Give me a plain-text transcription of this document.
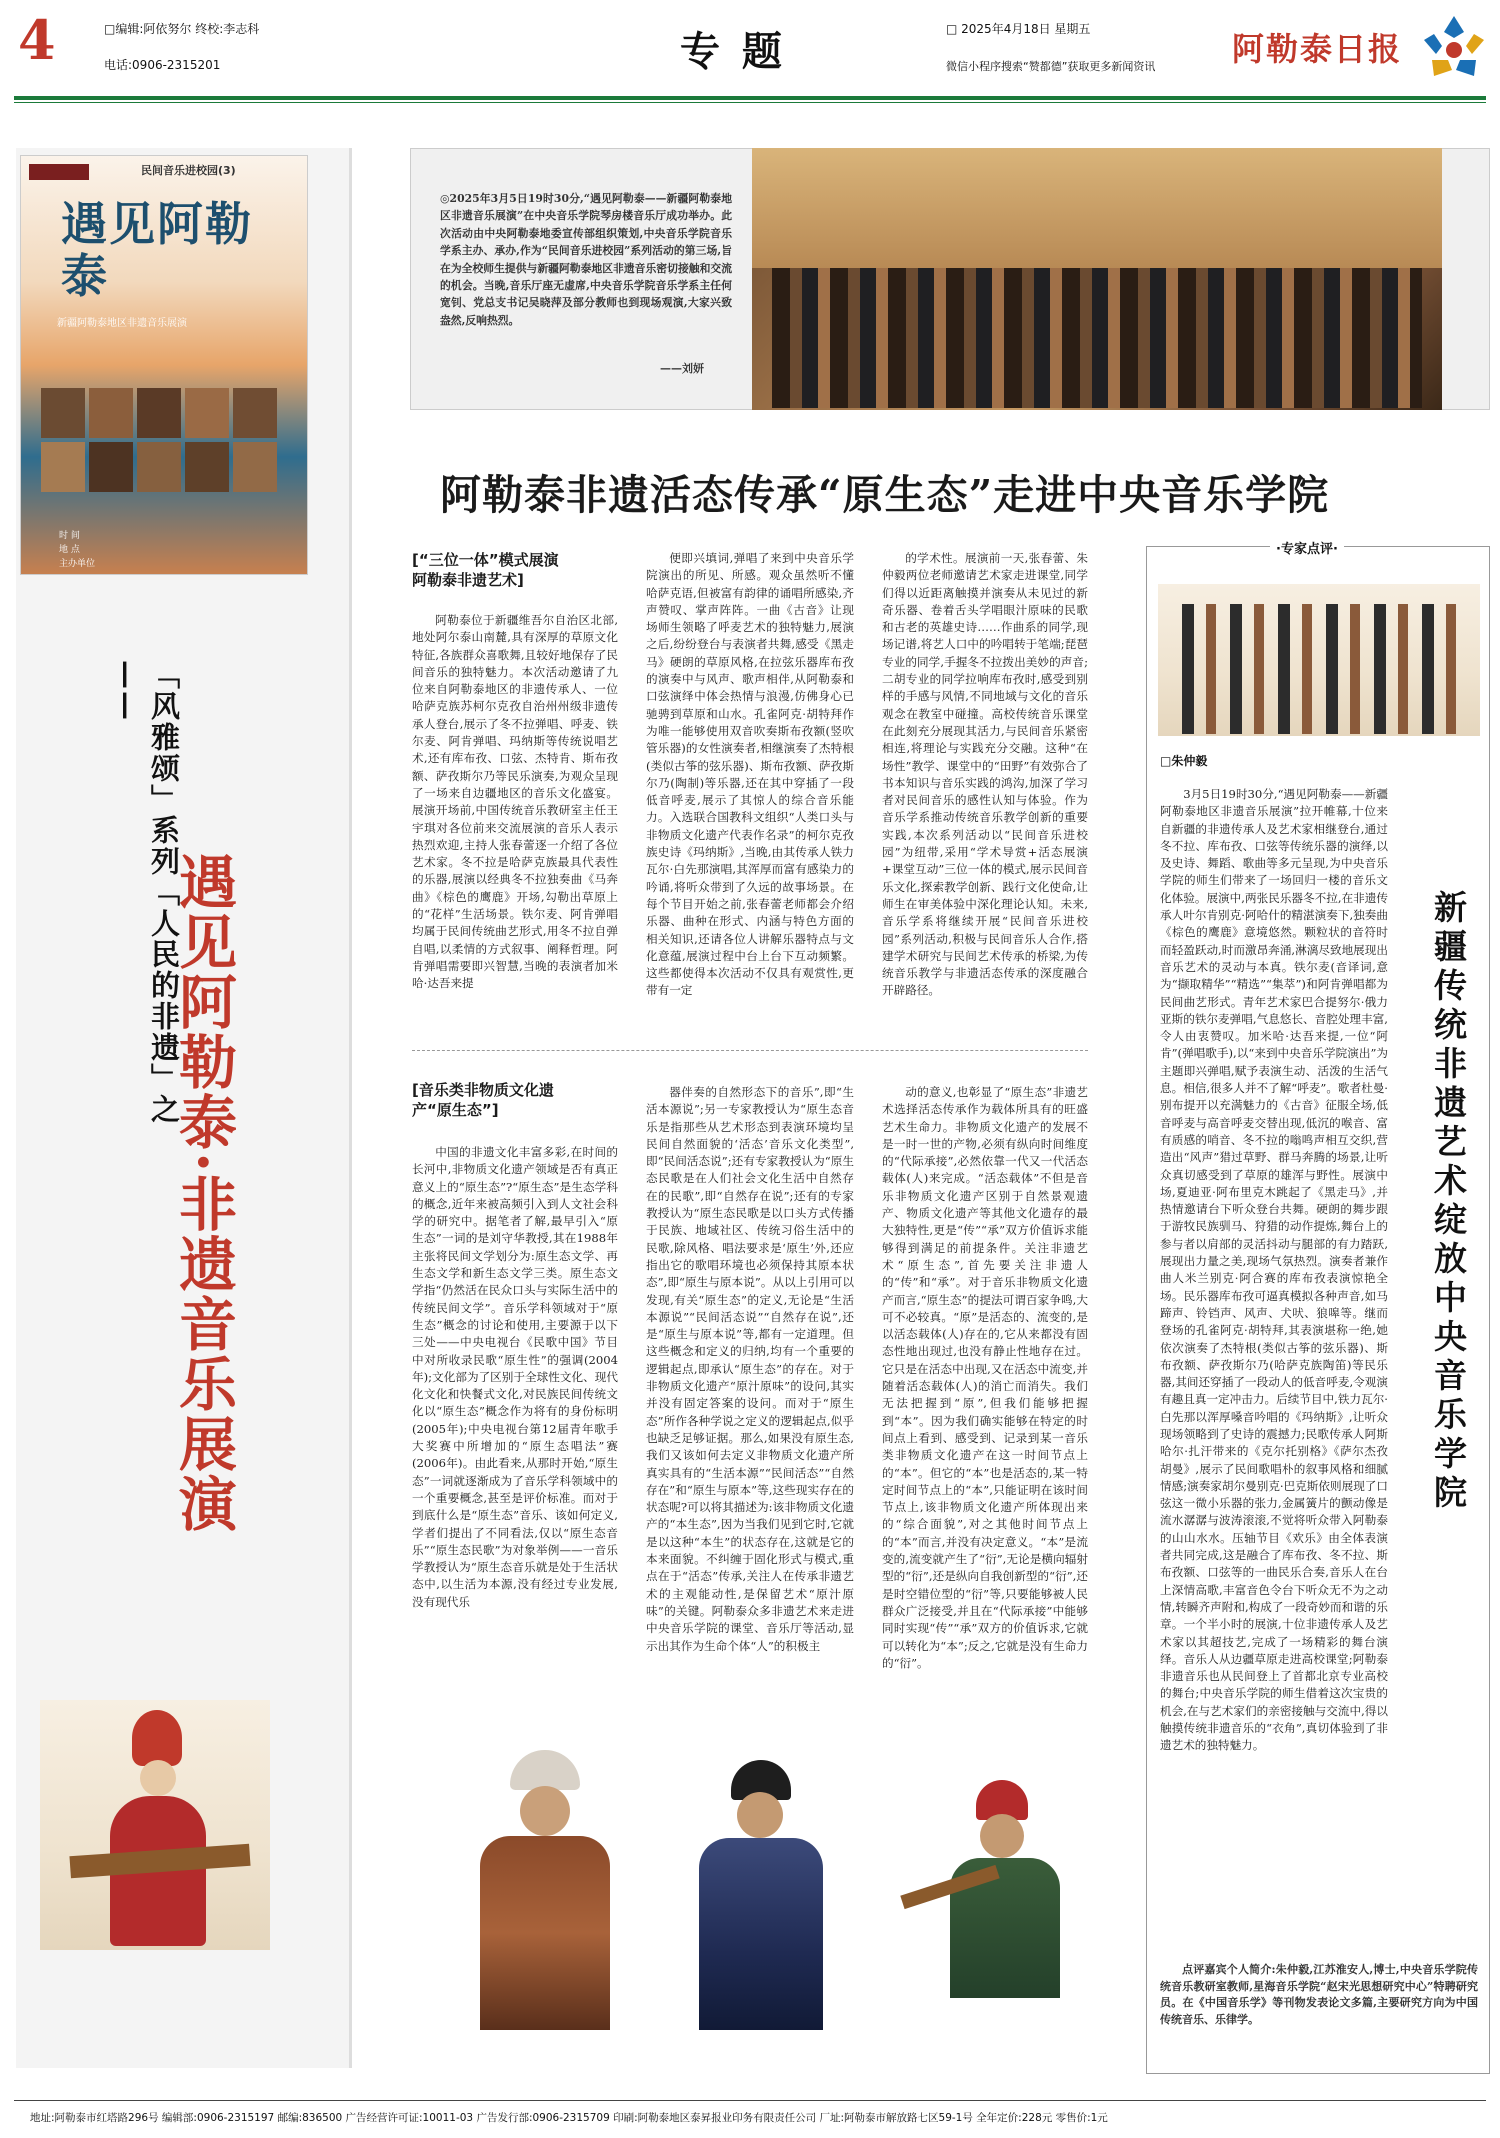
4	□编辑:阿依努尔 终校:李志科
电话:0906-2315201	专 题	□ 2025年4月18日 星期五
微信小程序搜索“赞都德”获取更多新闻资讯 阿勒泰日报
民间音乐进校园(3)
遇见阿勒泰
新疆阿勒泰地区非遗音乐展演
时 间
地 点
主办单位
「风雅颂」系列「人民的非遗」之——
遇见阿勒泰·非遗音乐展演
◎2025年3月5日19时30分,“遇见阿勒泰——新疆阿勒泰地区非遗音乐展演”在中央音乐学院琴房楼音乐厅成功举办。此次活动由中央阿勒泰地委宣传部组织策划,中央音乐学院音乐学系主办、承办,作为“民间音乐进校园”系列活动的第三场,旨在为全校师生提供与新疆阿勒泰地区非遗音乐密切接触和交流的机会。当晚,音乐厅座无虚席,中央音乐学院音乐学系主任何宽钊、党总支书记吴晓萍及部分教师也到现场观演,大家兴致盎然,反响热烈。
——刘妍
阿勒泰非遗活态传承“原生态”走进中央音乐学院
[“三位一体”模式展演
阿勒泰非遗艺术]

阿勒泰位于新疆维吾尔自治区北部,地处阿尔泰山南麓,具有深厚的草原文化特征,各族群众喜歌舞,且较好地保存了民间音乐的独特魅力。本次活动邀请了九位来自阿勒泰地区的非遗传承人、一位哈萨克族苏柯尔克孜自治州州级非遗传承人登台,展示了冬不拉弹唱、呼麦、铁尔麦、阿肯弹唱、玛纳斯等传统说唱艺术,还有库布孜、口弦、杰特肯、斯布孜额、萨孜斯尔乃等民乐演奏,为观众呈现了一场来自边疆地区的音乐文化盛宴。展演开场前,中国传统音乐教研室主任王宇琪对各位前来交流展演的音乐人表示热烈欢迎,主持人张春蕾逐一介绍了各位艺术家。冬不拉是哈萨克族最具代表性的乐器,展演以经典冬不拉独奏曲《马奔曲》《棕色的鹰鹿》开场,勾勒出草原上的“花样”生活场景。铁尔麦、阿肯弹唱均属于民间传统曲艺形式,用冬不拉自弹自唱,以柔情的方式叙事、阐释哲理。阿肯弹唱需要即兴智慧,当晚的表演者加米哈·达吾来提

便即兴填词,弹唱了来到中央音乐学院演出的所见、所感。观众虽然听不懂哈萨克语,但被富有韵律的诵唱所感染,齐声赞叹、掌声阵阵。一曲《古音》让现场师生领略了呼麦艺术的独特魅力,展演之后,纷纷登台与表演者共舞,感受《黑走马》硬朗的草原风格,在拉弦乐器库布孜的演奏中与风声、歌声相伴,从阿勒泰和口弦演绎中体会热情与浪漫,仿佛身心已驰骋到草原和山水。孔雀阿克·胡特拜作为唯一能够使用双音吹奏斯布孜额(竖吹管乐器)的女性演奏者,相继演奏了杰特根(类似古筝的弦乐器)、斯布孜额、萨孜斯尔乃(陶制)等乐器,还在其中穿插了一段低音呼麦,展示了其惊人的综合音乐能力。入选联合国教科文组织“人类口头与非物质文化遗产代表作名录”的柯尔克孜族史诗《玛纳斯》,当晚,由其传承人铁力瓦尔·白先那演唱,其浑厚而富有感染力的吟诵,将听众带到了久远的故事场景。在每个节目开始之前,张春蕾老师都会介绍乐器、曲种在形式、内涵与特色方面的相关知识,还请各位人讲解乐器特点与文化意蕴,展演过程中台上台下互动频繁。这些都使得本次活动不仅具有观赏性,更带有一定

的学术性。展演前一天,张春蕾、朱仲毅两位老师邀请艺术家走进课堂,同学们得以近距离触摸并演奏从未见过的新奇乐器、卷着舌头学唱眼汁原味的民歌和古老的英雄史诗……作曲系的同学,现场记谱,将艺人口中的吟唱转于笔端;琵琶专业的同学,手握冬不拉拨出美妙的声音;二胡专业的同学拉响库布孜时,感受到别样的手感与风情,不同地域与文化的音乐观念在教室中碰撞。高校传统音乐课堂在此刻充分展现其活力,与民间音乐紧密相连,将理论与实践充分交融。这种“在场性”教学、课堂中的“田野”有效弥合了书本知识与音乐实践的鸿沟,加深了学习者对民间音乐的感性认知与体验。作为音乐学系推动传统音乐教学创新的重要实践,本次系列活动以“民间音乐进校园”为纽带,采用“学术导赏+活态展演+课堂互动”三位一体的模式,展示民间音乐文化,探索教学创新、践行文化使命,让师生在审美体验中深化理论认知。未来,音乐学系将继续开展“民间音乐进校园”系列活动,积极与民间音乐人合作,搭建学术研究与民间艺术传承的桥梁,为传统音乐教学与非遗活态传承的深度融合开辟路径。

[音乐类非物质文化遗
产“原生态”]

中国的非遗文化丰富多彩,在时间的长河中,非物质文化遗产领域是否有真正意义上的“原生态”?“原生态”是生态学科的概念,近年来被高频引入到人文社会科学的研究中。据笔者了解,最早引入“原生态”一词的是刘守华教授,其在1988年主张将民间文学划分为:原生态文学、再生态文学和新生态文学三类。原生态文学指“仍然活在民众口头与实际生活中的传统民间文学”。音乐学科领域对于“原生态”概念的讨论和使用,主要源于以下三处——中央电视台《民歌中国》节目中对所收录民歌“原生性”的强调(2004年);文化部为了区别于全球性文化、现代化文化和快餐式文化,对民族民间传统文化以“原生态”概念作为将有的身份标明(2005年);中央电视台第12届青年歌手大奖赛中所增加的“原生态唱法”赛(2006年)。由此看来,从那时开始,“原生态”一词就逐渐成为了音乐学科领域中的一个重要概念,甚至是评价标准。而对于到底什么是“原生态”音乐、该如何定义,学者们提出了不同看法,仅以“原生态音乐”“原生态民歌”为对象举例——一音乐学教授认为“原生态音乐就是处于生活状态中,以生活为本源,没有经过专业发展,没有现代乐

器伴奏的自然形态下的音乐”,即“生活本源说”;另一专家教授认为“原生态音乐是指那些从艺术形态到表演环境均呈民间自然面貌的‘活态’音乐文化类型”,即“民间活态说”;还有专家教授认为“原生态民歌是在人们社会文化生活中自然存在的民歌”,即“自然存在说”;还有的专家教授认为“原生态民歌是以口头方式传播于民族、地域社区、传统习俗生活中的民歌,除风格、唱法要求是‘原生’外,还应指出它的歌唱环境也必须保持其原本状态”,即“原生与原本说”。从以上引用可以发现,有关“原生态”的定义,无论是“生活本源说”“民间活态说”“自然存在说”,还是“原生与原本说”等,都有一定道理。但这些概念和定义的归纳,均有一个重要的逻辑起点,即承认“原生态”的存在。对于非物质文化遗产“原汁原味”的设问,其实并没有固定答案的设问。而对于“原生态”所作各种学说之定义的逻辑起点,似乎也缺乏足够证据。那么,如果没有原生态,我们又该如何去定义非物质文化遗产所真实具有的“生活本源”“民间活态”“自然存在”和“原生与原本”等,这些现实存在的状态呢?可以将其描述为:该非物质文化遗产的“本生态”,因为当我们见到它时,它就是以这种“本生”的状态存在,这就是它的本来面貌。不纠缠于固化形式与模式,重点在于“活态”传承,关注人在传承非遗艺术的主观能动性,是保留艺术“原汁原味”的关键。阿勒泰众多非遗艺术来走进中央音乐学院的课堂、音乐厅等活动,显示出其作为生命个体“人”的积极主

动的意义,也彰显了“原生态”非遗艺术选择活态传承作为载体所具有的旺盛艺术生命力。非物质文化遗产的发展不是一时一世的产物,必须有纵向时间维度的“代际承接”,必然依靠一代又一代活态载体(人)来完成。“活态载体”不但是音乐非物质文化遗产区别于自然景观遗产、物质文化遗产等其他文化遗存的最大独特性,更是“传”“承”双方价值诉求能够得到满足的前提条件。关注非遗艺术“原生态”,首先要关注非遗人的“传”和“承”。对于音乐非物质文化遗产而言,“原生态”的提法可谓百家争鸣,大可不必较真。“原”是活态的、流变的,是以活态载体(人)存在的,它从来都没有固态性地出现过,也没有静止性地存在过。它只是在活态中出现,又在活态中流变,并随着活态载体(人)的消亡而消失。我们无法把握到“原”,但我们能够把握到“本”。因为我们确实能够在特定的时间点上看到、感受到、记录到某一音乐类非物质文化遗产在这一时间节点上的“本”。但它的“本”也是活态的,某一特定时间节点上的“本”,只能证明在该时间节点上,该非物质文化遗产所体现出来的“综合面貌”,对之其他时间节点上的“本”而言,并没有决定意义。“本”是流变的,流变就产生了“衍”,无论是横向辐射型的“衍”,还是纵向自我创新型的“衍”,还是时空错位型的“衍”等,只要能够被人民群众广泛接受,并且在“代际承接”中能够同时实现“传”“承”双方的价值诉求,它就可以转化为“本”;反之,它就是没有生命力的“衍”。

·专家点评·
□朱仲毅
新疆传统非遗艺术绽放中央音乐学院

3月5日19时30分,“遇见阿勒泰——新疆阿勒泰地区非遗音乐展演”拉开帷幕,十位来自新疆的非遗传承人及艺术家相继登台,通过冬不拉、库布孜、口弦等传统乐器的演绎,以及史诗、舞蹈、歌曲等多元呈现,为中央音乐学院的师生们带来了一场回归一楼的音乐文化体验。展演中,两张民乐器冬不拉,在非遗传承人叶尔肯别克·阿哈什的精湛演奏下,独奏曲《棕色的鹰鹿》意境悠然。颗粒状的音符时而轻盈跃动,时而激昂奔涌,淋漓尽致地展现出音乐艺术的灵动与本真。铁尔麦(音译词,意为“撷取精华”“精选”“集萃”)和阿肯弹唱都为民间曲艺形式。青年艺术家巴合提努尔·俄力亚斯的铁尔麦弹唱,气息悠长、音腔处理丰富,令人由衷赞叹。加米哈·达吾来提,一位“阿肯”(弹唱歌手),以“来到中央音乐学院演出”为主题即兴弹唱,赋予表演生动、活泼的生活气息。相信,很多人并不了解“呼麦”。歌者杜曼·别布提开以充满魅力的《古音》征服全场,低音呼麦与高音呼麦交替出现,低沉的喉音、富有质感的哨音、冬不拉的嗡鸣声相互交织,营造出“风声”猎过草野、群马奔腾的场景,让听众真切感受到了草原的雄浑与野性。展演中场,夏迪亚·阿布里克木跳起了《黑走马》,并热情邀请台下听众登台共舞。硬朗的舞步跟于游牧民族驯马、狩猎的动作提炼,舞台上的参与者以肩部的灵活抖动与腿部的有力踏跃,展现出力量之美,现场气氛热烈。演奏者兼作曲人米兰别克·阿合赛的库布孜表演惊艳全场。民乐器库布孜可逼真模拟各种声音,如马蹄声、铃铛声、风声、犬吠、狼嗥等。继而登场的孔雀阿克·胡特拜,其表演堪称一绝,她依次演奏了杰特根(类似古筝的弦乐器)、斯布孜额、萨孜斯尔乃(哈萨克族陶笛)等民乐器,其间还穿插了一段动人的低音呼麦,令观演有趣且真一定冲击力。后续节目中,铁力瓦尔·白先那以浑厚嗓音吟唱的《玛纳斯》,让听众现场领略到了史诗的震撼力;民歌传承人阿斯哈尔·扎汗带来的《克尔托别格》《萨尔杰孜胡曼》,展示了民间歌唱朴的叙事风格和细腻情感;演奏家胡尔曼别克·巴克斯依则展现了口弦这一微小乐器的张力,金属簧片的颤动像是流水潺潺与波涛滚滚,不觉将听众带入阿勒泰的山山水水。压轴节目《欢乐》由全体表演者共同完成,这是融合了库布孜、冬不拉、斯布孜额、口弦等的一曲民乐合奏,音乐人在台上深情高歌,丰富音色令台下听众无不为之动情,转瞬齐声附和,构成了一段奇妙而和谐的乐章。一个半小时的展演,十位非遗传承人及艺术家以其超技艺,完成了一场精彩的舞台演绎。音乐人从边疆草原走进高校课堂;阿勒泰非遗音乐也从民间登上了首都北京专业高校的舞台;中央音乐学院的师生借着这次宝贵的机会,在与艺术家们的亲密接触与交流中,得以触摸传统非遗音乐的“衣角”,真切体验到了非遗艺术的独特魅力。

点评嘉宾个人简介:朱仲毅,江苏淮安人,博士,中央音乐学院传统音乐教研室教师,星海音乐学院“赵宋光思想研究中心”特聘研究员。在《中国音乐学》等刊物发表论文多篇,主要研究方向为中国传统音乐、乐律学。

地址:阿勒泰市红塔路296号 编辑部:0906-2315197 邮编:836500 广告经营许可证:10011-03 广告发行部:0906-2315709 印刷:阿勒泰地区泰昇报业印务有限责任公司 厂址:阿勒泰市解放路七区59-1号 全年定价:228元 零售价:1元
